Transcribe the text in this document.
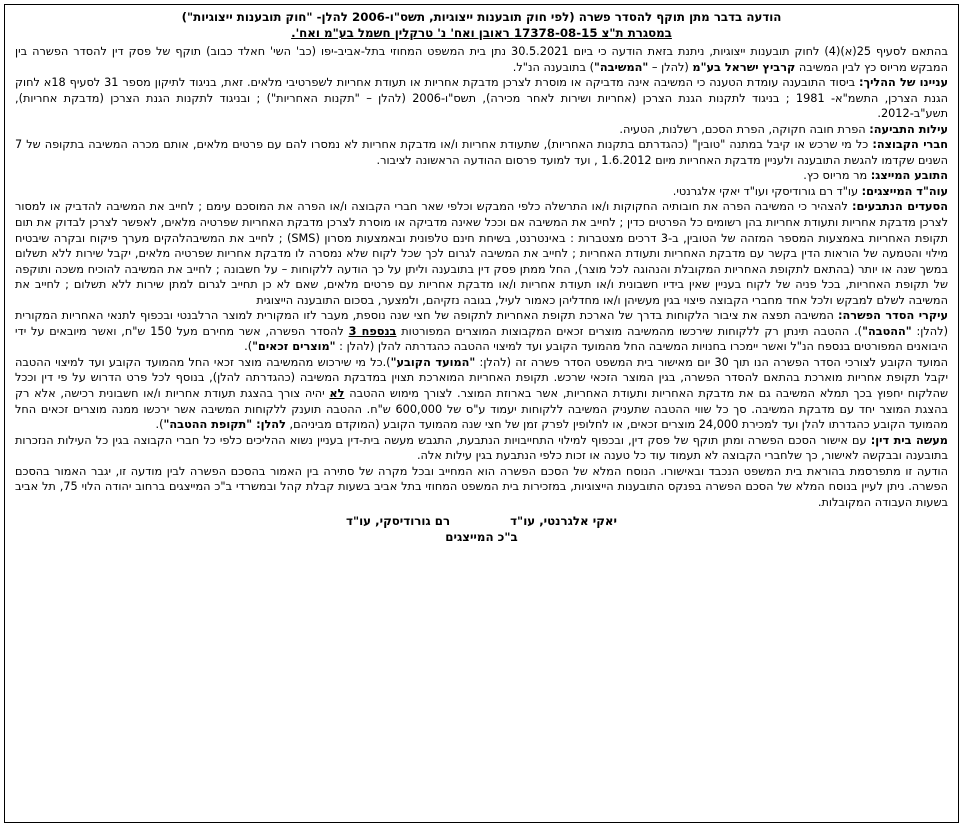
הודעה בדבר מתן תוקף להסדר פשרה (לפי חוק תובענות ייצוגיות, תשס"ו-2006 להלן- "חוק תובענות ייצוגיות")
במסגרת ת"צ 17378-08-15 ראובן ואח' נ' טרקלין חשמל בע"מ ואח'.

בהתאם לסעיף 25(א)(4) לחוק תובענות ייצוגיות, ניתנת בזאת הודעה כי ביום 30.5.2021 נתן בית המשפט המחוזי בתל-אביב-יפו (כב' השי' חאלד כבוב) תוקף של פסק דין להסדר הפשרה בין המבקש מריוס כץ לבין המשיבה קרביץ ישראל בע"מ (להלן – "המשיבה") בתובענה הנ"ל.

עניינו של ההליך: ביסוד התובענה עומדת הטענה כי המשיבה אינה מדביקה או מוסרת לצרכן מדבקת אחריות או תעודת אחריות לשפרטיבי מלאים. זאת, בניגוד לתיקון מספר 31 לסעיף 18א לחוק הגנת הצרכן, התשמ"א- 1981 ; בניגוד לתקנות הגנת הצרכן (אחריות ושירות לאחר מכירה), תשס"ו-2006 (להלן – "תקנות האחריות") ; ובניגוד לתקנות הגנת הצרכן (מדבקת אחריות), תשע"ב-2012.

עילות התביעה: הפרת חובה חקוקה, הפרת הסכם, רשלנות, הטעיה.

חברי הקבוצה: כל מי שרכש או קיבל במתנה "טובין" (כהגדרתם בתקנות האחריות), שתעודת אחריות ו/או מדבקת אחריות לא נמסרו להם עם פרטים מלאים, אותם מכרה המשיבה בתקופה של 7 השנים שקדמו להגשת התובענה ולעניין מדבקת האחריות מיום 1.6.2012 , ועד למועד פרסום ההודעה הראשונה לציבור.

התובע המייצג: מר מריוס כץ.

עוה"ד המייצגים: עו"ד רם גורודיסקי ועו"ד יאקי אלגרנטי.

הסעדים הנתבעים: להצהיר כי המשיבה הפרה את חובותיה החקוקות ו/או התרשלה כלפי המבקש וכלפי שאר חברי הקבוצה ו/או הפרה את המוסכם עימם ; לחייב את המשיבה להדביק או למסור לצרכן מדבקת אחריות ותעודת אחריות בהן רשומים כל הפרטים כדין ; לחייב את המשיבה אם וככל שאינה מדביקה או מוסרת לצרכן מדבקת האחריות שפרטיה מלאים, לאפשר לצרכן לבדוק את תום תקופת האחריות באמצעות המספר המזהה של הטובין, ב-3 דרכים מצטברות : באינטרנט, בשיחת חינם טלפונית ובאמצעות מסרון (SMS) ; לחייב את המשיבהלהקים מערך פיקוח ובקרה שיבטיח מילוי והטמעה של הוראות הדין בקשר עם מדבקת האחריות ותעודת האחריות ; לחייב את המשיבה לגרום לכך שכל לקוח שלא נמסרה לו מדבקת אחריות שפרטיה מלאים, יקבל שירות ללא תשלום במשך שנה או יותר (בהתאם לתקופת האחריות המקובלת והנהוגה לכל מוצר), החל ממתן פסק דין בתובענה וליתן על כך הודעה ללקוחות – על חשבונה ; לחייב את המשיבה להוכיח משכה ותוקפה של תקופת האחריות, בכל פניה של לקוח בעניין שאין בידיו חשבונית ו/או תעודת אחריות ו/או מדבקת אחריות עם פרטים מלאים, שאם לא כן תחייב לגרום למתן שירות ללא תשלום ; לחייב את המשיבה לשלם למבקש ולכל אחד מחברי הקבוצה פיצוי בגין מעשיהן ו/או מחדליהן כאמור לעיל, בגובה נזקיהם, ולמצער, בסכום התובענה הייצוגית

עיקרי הסדר הפשרה: המשיבה תפצה את ציבור הלקוחות בדרך של הארכת תקופת האחריות לתקופה של חצי שנה נוספת, מעבר לזו המקורית למוצר הרלבנטי ובכפוף לתנאי האחריות המקורית (להלן: "ההטבה"). ההטבה תינתן רק ללקוחות שירכשו מהמשיבה מוצרים זכאים המקבוצות המוצרים המפורטות בנספח 3 להסדר הפשרה, אשר מחירם מעל 150 ש"ח, ואשר מיובאים על ידי היבואנים המפורטים בנספח הנ"ל ואשר יימכרו בחנויות המשיבה החל מהמועד הקובע ועד למיצוי ההטבה כהגדרתה להלן (להלן : "מוצרים זכאים").

המועד הקובע לצורכי הסדר הפשרה הנו תוך 30 יום מאישור בית המשפט הסדר פשרה זה (להלן: "המועד הקובע").כל מי שירכוש מהמשיבה מוצר זכאי החל מהמועד הקובע ועד למיצוי ההטבה יקבל תקופת אחריות מוארכת בהתאם להסדר הפשרה, בגין המוצר הזכאי שרכש. תקופת האחריות המוארכת תצוין במדבקת המשיבה (כהגדרתה להלן), בנוסף לכל פרט הדרוש על פי דין וככל שהלקוח יחפוץ בכך תמלא המשיבה גם את מדבקת האחריות ותעודת האחריות, אשר בארוזת המוצר. לצורך מימוש ההטבה לא יהיה צורך בהצגת תעודת אחריות ו/או חשבונית רכישה, אלא רק בהצגת המוצר יחד עם מדבקת המשיבה. סך כל שווי ההטבה שתעניק המשיבה ללקוחות יעמוד ע"ס של 600,000 ש"ח. ההטבה תוענק ללקוחות המשיבה אשר ירכשו ממנה מוצרים זכאים החל מהמועד הקובע כהגדרתו להלן ועד למכירת 24,000 מוצרים זכאים, או לחלופין לפרק זמן של חצי שנה מהמועד הקובע (המוקדם מביניהם, להלן: "תקופת ההטבה").

מעשה בית דין: עם אישור הסכם הפשרה ומתן תוקף של פסק דין, ובכפוף למילוי התחייבויות הנתבעת, התגבש מעשה בית-דין בעניין נשוא ההליכים כלפי כל חברי הקבוצה בגין כל העילות הנזכרות בתובענה ובבקשה לאישור, כך שלחברי הקבוצה לא תעמוד עוד כל טענה או זכות כלפי הנתבעת בגין עילות אלה.

הודעה זו מתפרסמת בהוראת בית המשפט הנכבד ובאישורו. הנוסח המלא של הסכם הפשרה הוא המחייב ובכל מקרה של סתירה בין האמור בהסכם הפשרה לבין מודעה זו, יגבר האמור בהסכם הפשרה. ניתן לעיין בנוסח המלא של הסכם הפשרה בפנקס התובענות הייצוגיות, במזכירות בית המשפט המחוזי בתל אביב בשעות קבלת קהל ובמשרדי ב"כ המייצגים ברחוב יהודה הלוי 75, תל אביב בשעות העבודה המקובלות.

יאקי אלגרנטי, עו"ד
רם גורודיסקי, עו"ד
ב"כ המייצגים
